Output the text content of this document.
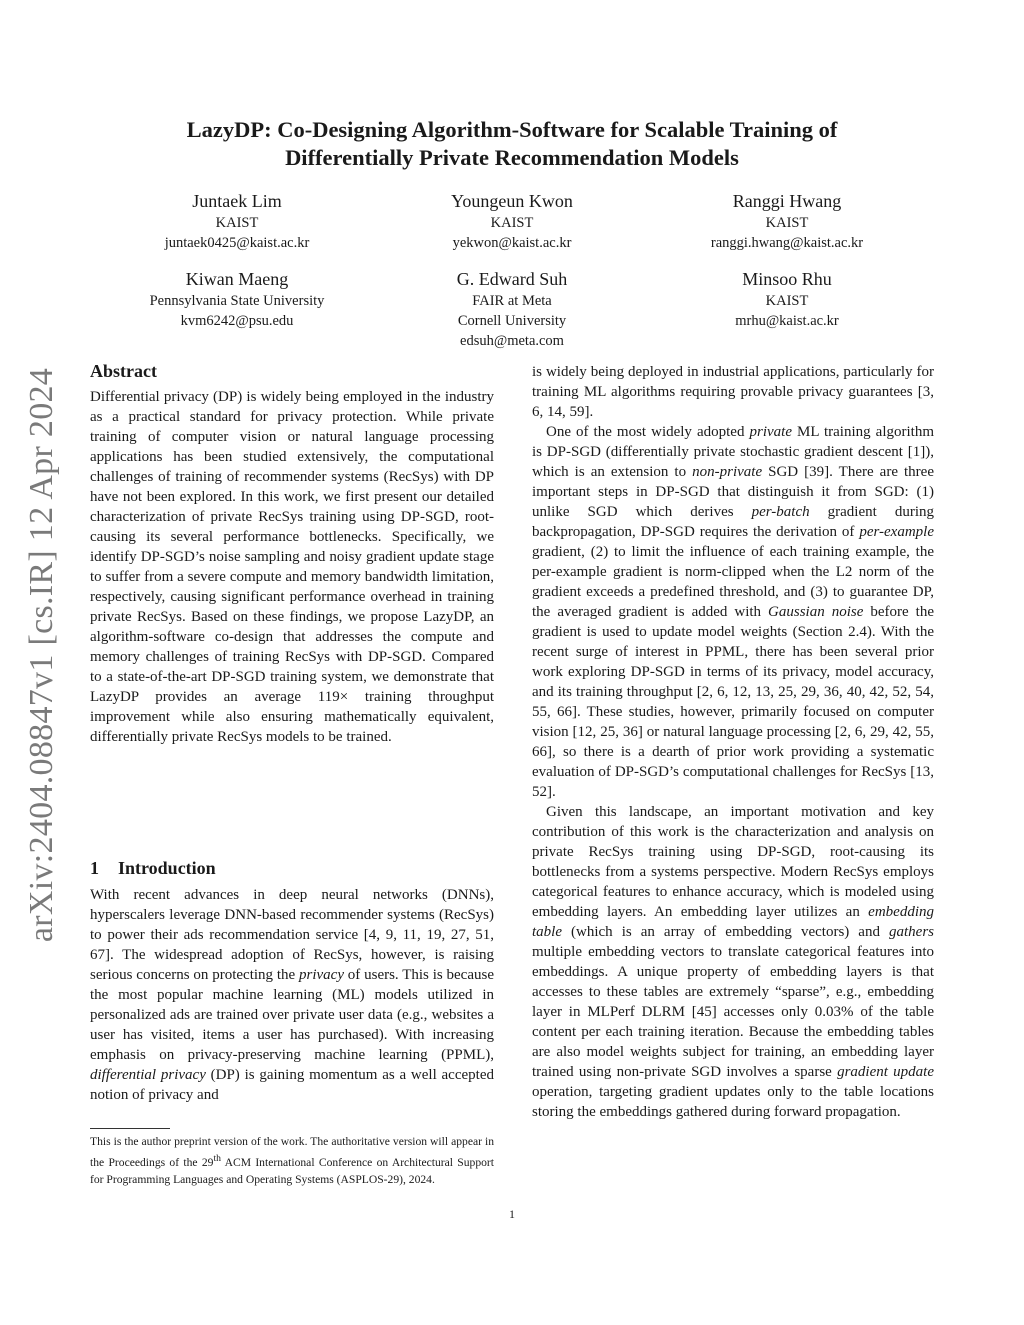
arXiv:2404.08847v1 [cs.IR] 12 Apr 2024
LazyDP: Co-Designing Algorithm-Software for Scalable Training of
Differentially Private Recommendation Models
Juntaek Lim
KAIST
juntaek0425@kaist.ac.kr
Youngeun Kwon
KAIST
yekwon@kaist.ac.kr
Ranggi Hwang
KAIST
ranggi.hwang@kaist.ac.kr
Kiwan Maeng
Pennsylvania State University
kvm6242@psu.edu
G. Edward Suh
FAIR at Meta
Cornell University
edsuh@meta.com
Minsoo Rhu
KAIST
mrhu@kaist.ac.kr
Abstract

Differential privacy (DP) is widely being employed in the industry as a practical standard for privacy protection. While private training of computer vision or natural language processing applications has been studied extensively, the computational challenges of training of recommender systems (RecSys) with DP have not been explored. In this work, we first present our detailed characterization of private RecSys training using DP-SGD, root-causing its several performance bottlenecks. Specifically, we identify DP-SGD’s noise sampling and noisy gradient update stage to suffer from a severe compute and memory bandwidth limitation, respectively, causing significant performance overhead in training private RecSys. Based on these findings, we propose LazyDP, an algorithm-software co-design that addresses the compute and memory challenges of training RecSys with DP-SGD. Compared to a state-of-the-art DP-SGD training system, we demonstrate that LazyDP provides an average 119× training throughput improvement while also ensuring mathematically equivalent, differentially private RecSys models to be trained.

1 Introduction

With recent advances in deep neural networks (DNNs), hyperscalers leverage DNN-based recommender systems (RecSys) to power their ads recommendation service [4, 9, 11, 19, 27, 51, 67]. The widespread adoption of RecSys, however, is raising serious concerns on protecting the privacy of users. This is because the most popular machine learning (ML) models utilized in personalized ads are trained over private user data (e.g., websites a user has visited, items a user has purchased). With increasing emphasis on privacy-preserving machine learning (PPML), differential privacy (DP) is gaining momentum as a well accepted notion of privacy and

is widely being deployed in industrial applications, particularly for training ML algorithms requiring provable privacy guarantees [3, 6, 14, 59].

One of the most widely adopted private ML training algorithm is DP-SGD (differentially private stochastic gradient descent [1]), which is an extension to non-private SGD [39]. There are three important steps in DP-SGD that distinguish it from SGD: (1) unlike SGD which derives per-batch gradient during backpropagation, DP-SGD requires the derivation of per-example gradient, (2) to limit the influence of each training example, the per-example gradient is norm-clipped when the L2 norm of the gradient exceeds a predefined threshold, and (3) to guarantee DP, the averaged gradient is added with Gaussian noise before the gradient is used to update model weights (Section 2.4). With the recent surge of interest in PPML, there has been several prior work exploring DP-SGD in terms of its privacy, model accuracy, and its training throughput [2, 6, 12, 13, 25, 29, 36, 40, 42, 52, 54, 55, 66]. These studies, however, primarily focused on computer vision [12, 25, 36] or natural language processing [2, 6, 29, 42, 55, 66], so there is a dearth of prior work providing a systematic evaluation of DP-SGD’s computational challenges for RecSys [13, 52].

Given this landscape, an important motivation and key contribution of this work is the characterization and analysis on private RecSys training using DP-SGD, root-causing its bottlenecks from a systems perspective. Modern RecSys employs categorical features to enhance accuracy, which is modeled using embedding layers. An embedding layer utilizes an embedding table (which is an array of embedding vectors) and gathers multiple embedding vectors to translate categorical features into embeddings. A unique property of embedding layers is that accesses to these tables are extremely “sparse”, e.g., embedding layer in MLPerf DLRM [45] accesses only 0.03% of the table content per each training iteration. Because the embedding tables are also model weights subject for training, an embedding layer trained using non-private SGD involves a sparse gradient update operation, targeting gradient updates only to the table locations storing the embeddings gathered during forward propagation.

This is the author preprint version of the work. The authoritative version will appear in the Proceedings of the 29th ACM International Conference on Architectural Support for Programming Languages and Operating Systems (ASPLOS-29), 2024.
1
